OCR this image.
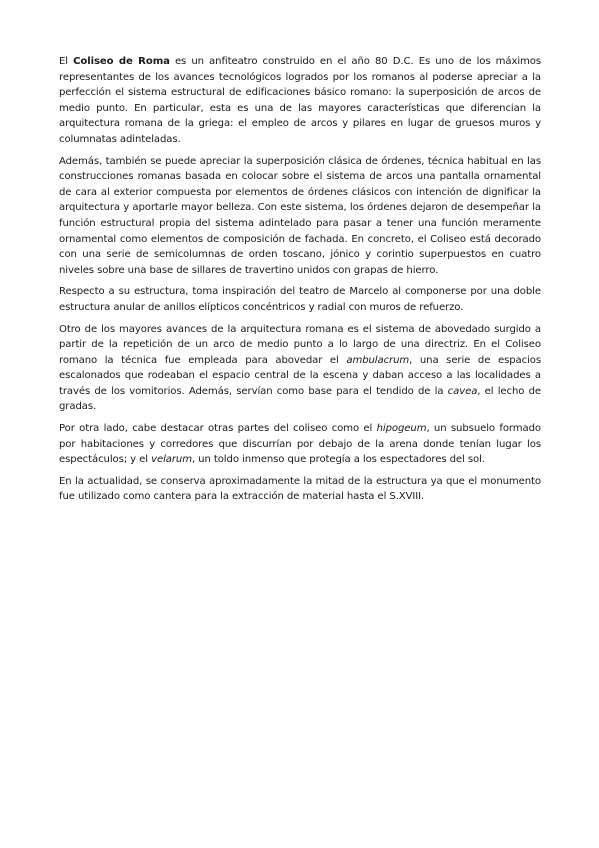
El Coliseo de Roma es un anfiteatro construido en el año 80 D.C. Es uno de los máximos representantes de los avances tecnológicos logrados por los romanos al poderse apreciar a la perfección el sistema estructural de edificaciones básico romano: la superposición de arcos de medio punto. En particular, esta es una de las mayores características que diferencian la arquitectura romana de la griega: el empleo de arcos y pilares en lugar de gruesos muros y columnatas adinteladas.

Además, también se puede apreciar la superposición clásica de órdenes, técnica habitual en las construcciones romanas basada en colocar sobre el sistema de arcos una pantalla ornamental de cara al exterior compuesta por elementos de órdenes clásicos con intención de dignificar la arquitectura y aportarle mayor belleza. Con este sistema, los órdenes dejaron de desempeñar la función estructural propia del sistema adintelado para pasar a tener una función meramente ornamental como elementos de composición de fachada. En concreto, el Coliseo está decorado con una serie de semicolumnas de orden toscano, jónico y corintio superpuestos en cuatro niveles sobre una base de sillares de travertino unidos con grapas de hierro.

Respecto a su estructura, toma inspiración del teatro de Marcelo al componerse por una doble estructura anular de anillos elípticos concéntricos y radial con muros de refuerzo.

Otro de los mayores avances de la arquitectura romana es el sistema de abovedado surgido a partir de la repetición de un arco de medio punto a lo largo de una directriz. En el Coliseo romano la técnica fue empleada para abovedar el ambulacrum, una serie de espacios escalonados que rodeaban el espacio central de la escena y daban acceso a las localidades a través de los vomitorios. Además, servían como base para el tendido de la cavea, el lecho de gradas.

Por otra lado, cabe destacar otras partes del coliseo como el hipogeum, un subsuelo formado por habitaciones y corredores que discurrían por debajo de la arena donde tenían lugar los espectáculos; y el velarum, un toldo inmenso que protegía a los espectadores del sol.

En la actualidad, se conserva aproximadamente la mitad de la estructura ya que el monumento fue utilizado como cantera para la extracción de material hasta el S.XVIII.
